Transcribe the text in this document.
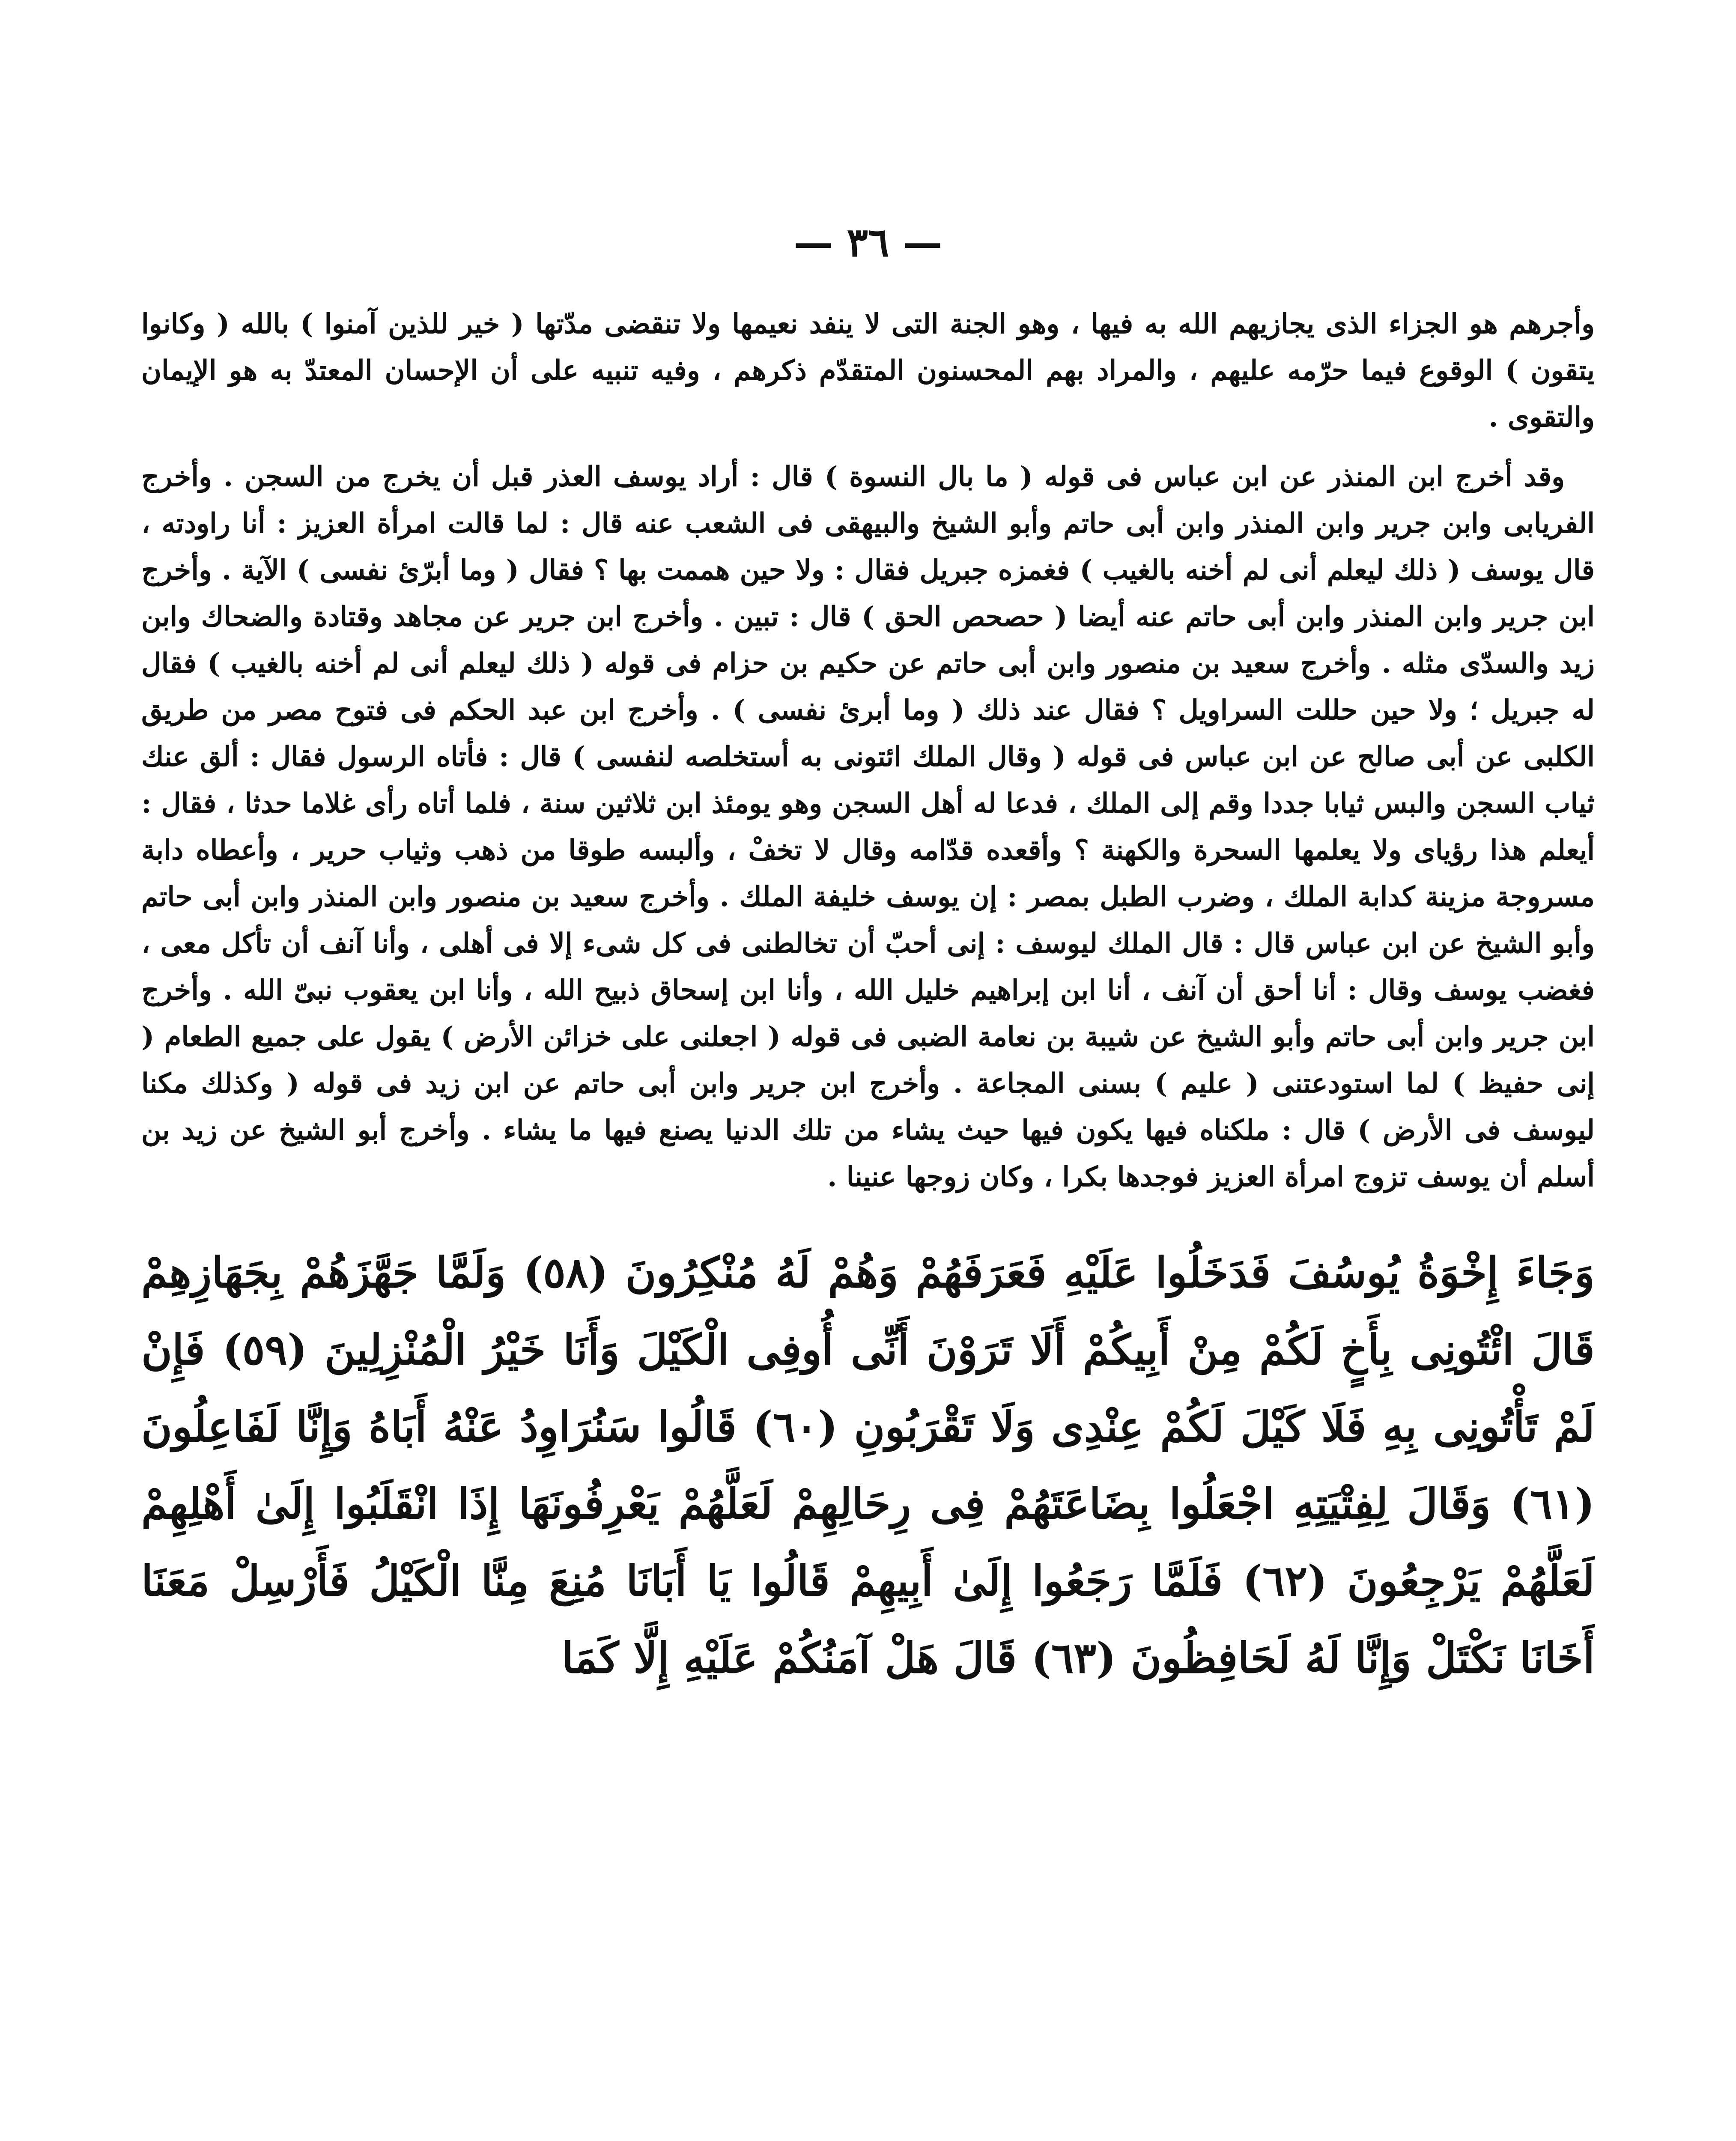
— ٣٦ —

وأجرهم هو الجزاء الذى يجازيهم الله به فيها ، وهو الجنة التى لا ينفد نعيمها ولا تنقضى مدّتها ( خير للذين آمنوا ) بالله ( وكانوا يتقون ) الوقوع فيما حرّمه عليهم ، والمراد بهم المحسنون المتقدّم ذكرهم ، وفيه تنبيه على أن الإحسان المعتدّ به هو الإيمان والتقوى .

وقد أخرج ابن المنذر عن ابن عباس فى قوله ( ما بال النسوة ) قال : أراد يوسف العذر قبل أن يخرج من السجن . وأخرج الفريابى وابن جرير وابن المنذر وابن أبى حاتم وأبو الشيخ والبيهقى فى الشعب عنه قال : لما قالت امرأة العزيز : أنا راودته ، قال يوسف ( ذلك ليعلم أنى لم أخنه بالغيب ) فغمزه جبريل فقال : ولا حين هممت بها ؟ فقال ( وما أبرّئ نفسى ) الآية . وأخرج ابن جرير وابن المنذر وابن أبى حاتم عنه أيضا ( حصحص الحق ) قال : تبين . وأخرج ابن جرير عن مجاهد وقتادة والضحاك وابن زيد والسدّى مثله . وأخرج سعيد بن منصور وابن أبى حاتم عن حكيم بن حزام فى قوله ( ذلك ليعلم أنى لم أخنه بالغيب ) فقال له جبريل ؛ ولا حين حللت السراويل ؟ فقال عند ذلك ( وما أبرئ نفسى ) . وأخرج ابن عبد الحكم فى فتوح مصر من طريق الكلبى عن أبى صالح عن ابن عباس فى قوله ( وقال الملك ائتونى به أستخلصه لنفسى ) قال : فأتاه الرسول فقال : ألق عنك ثياب السجن والبس ثيابا جددا وقم إلى الملك ، فدعا له أهل السجن وهو يومئذ ابن ثلاثين سنة ، فلما أتاه رأى غلاما حدثا ، فقال : أيعلم هذا رؤياى ولا يعلمها السحرة والكهنة ؟ وأقعده قدّامه وقال لا تخفْ ، وألبسه طوقا من ذهب وثياب حرير ، وأعطاه دابة مسروجة مزينة كدابة الملك ، وضرب الطبل بمصر : إن يوسف خليفة الملك . وأخرج سعيد بن منصور وابن المنذر وابن أبى حاتم وأبو الشيخ عن ابن عباس قال : قال الملك ليوسف : إنى أحبّ أن تخالطنى فى كل شىء إلا فى أهلى ، وأنا آنف أن تأكل معى ، فغضب يوسف وقال : أنا أحق أن آنف ، أنا ابن إبراهيم خليل الله ، وأنا ابن إسحاق ذبيح الله ، وأنا ابن يعقوب نبىّ الله . وأخرج ابن جرير وابن أبى حاتم وأبو الشيخ عن شيبة بن نعامة الضبى فى قوله ( اجعلنى على خزائن الأرض ) يقول على جميع الطعام ( إنى حفيظ ) لما استودعتنى ( عليم ) بسنى المجاعة . وأخرج ابن جرير وابن أبى حاتم عن ابن زيد فى قوله ( وكذلك مكنا ليوسف فى الأرض ) قال : ملكناه فيها يكون فيها حيث يشاء من تلك الدنيا يصنع فيها ما يشاء . وأخرج أبو الشيخ عن زيد بن أسلم أن يوسف تزوج امرأة العزيز فوجدها بكرا ، وكان زوجها عنينا .

وَجَاءَ إِخْوَةُ يُوسُفَ فَدَخَلُوا عَلَيْهِ فَعَرَفَهُمْ وَهُمْ لَهُ مُنْكِرُونَ (٥٨) وَلَمَّا جَهَّزَهُمْ بِجَهَازِهِمْ قَالَ ائْتُونِى بِأَخٍ لَكُمْ مِنْ أَبِيكُمْ أَلَا تَرَوْنَ أَنِّى أُوفِى الْكَيْلَ وَأَنَا خَيْرُ الْمُنْزِلِينَ (٥٩) فَإِنْ لَمْ تَأْتُونِى بِهِ فَلَا كَيْلَ لَكُمْ عِنْدِى وَلَا تَقْرَبُونِ (٦٠) قَالُوا سَنُرَاوِدُ عَنْهُ أَبَاهُ وَإِنَّا لَفَاعِلُونَ (٦١) وَقَالَ لِفِتْيَتِهِ اجْعَلُوا بِضَاعَتَهُمْ فِى رِحَالِهِمْ لَعَلَّهُمْ يَعْرِفُونَهَا إِذَا انْقَلَبُوا إِلَىٰ أَهْلِهِمْ لَعَلَّهُمْ يَرْجِعُونَ (٦٢) فَلَمَّا رَجَعُوا إِلَىٰ أَبِيهِمْ قَالُوا يَا أَبَانَا مُنِعَ مِنَّا الْكَيْلُ فَأَرْسِلْ مَعَنَا أَخَانَا نَكْتَلْ وَإِنَّا لَهُ لَحَافِظُونَ (٦٣) قَالَ هَلْ آمَنُكُمْ عَلَيْهِ إِلَّا كَمَا
